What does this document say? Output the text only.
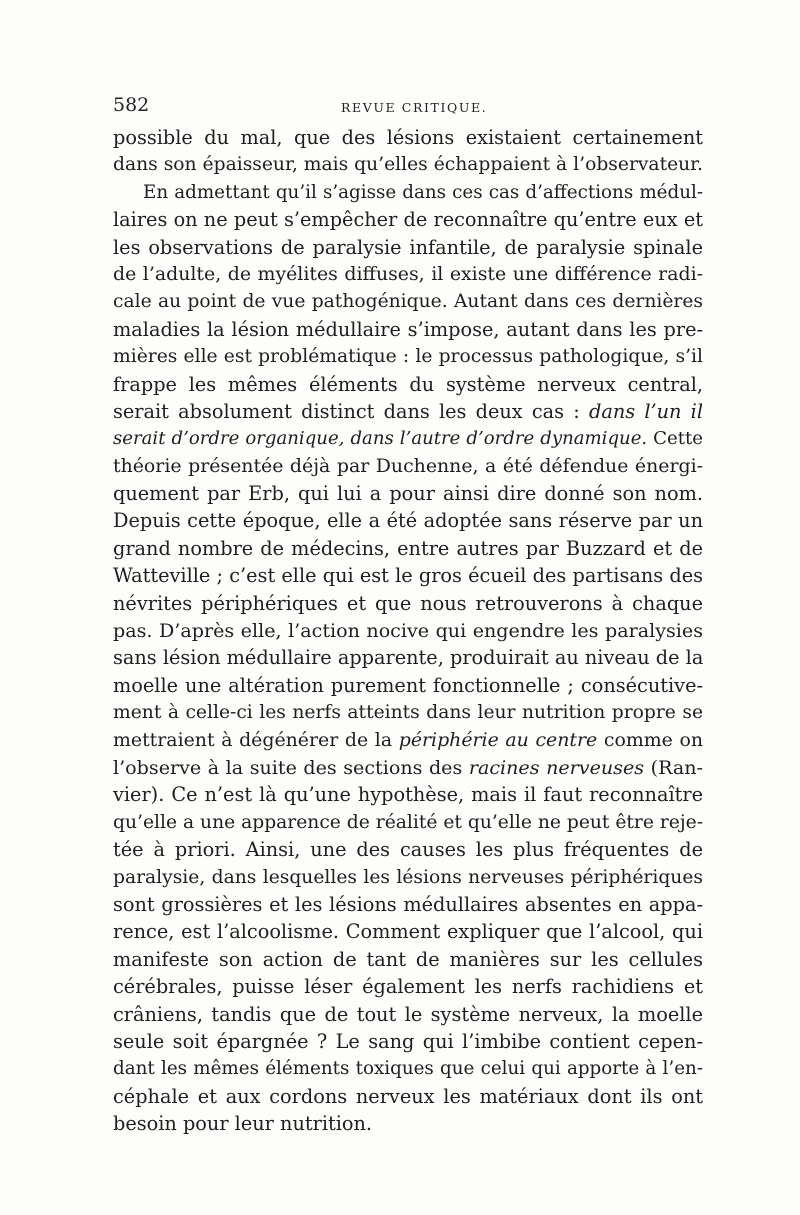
582	REVUE CRITIQUE.
possible du mal, que des lésions existaient certainement
dans son épaisseur, mais qu’elles échappaient à l’observateur.
En admettant qu’il s’agisse dans ces cas d’affections médul-
laires on ne peut s’empêcher de reconnaître qu’entre eux et
les observations de paralysie infantile, de paralysie spinale
de l’adulte, de myélites diffuses, il existe une différence radi-
cale au point de vue pathogénique. Autant dans ces dernières
maladies la lésion médullaire s’impose, autant dans les pre-
mières elle est problématique : le processus pathologique, s’il
frappe les mêmes éléments du système nerveux central,
serait absolument distinct dans les deux cas : dans l’un il
serait d’ordre organique, dans l’autre d’ordre dynamique. Cette
théorie présentée déjà par Duchenne, a été défendue énergi-
quement par Erb, qui lui a pour ainsi dire donné son nom.
Depuis cette époque, elle a été adoptée sans réserve par un
grand nombre de médecins, entre autres par Buzzard et de
Watteville ; c’est elle qui est le gros écueil des partisans des
névrites périphériques et que nous retrouverons à chaque
pas. D’après elle, l’action nocive qui engendre les paralysies
sans lésion médullaire apparente, produirait au niveau de la
moelle une altération purement fonctionnelle ; consécutive-
ment à celle-ci les nerfs atteints dans leur nutrition propre se
mettraient à dégénérer de la périphérie au centre comme on
l’observe à la suite des sections des racines nerveuses (Ran-
vier). Ce n’est là qu’une hypothèse, mais il faut reconnaître
qu’elle a une apparence de réalité et qu’elle ne peut être reje-
tée à priori. Ainsi, une des causes les plus fréquentes de
paralysie, dans lesquelles les lésions nerveuses périphériques
sont grossières et les lésions médullaires absentes en appa-
rence, est l’alcoolisme. Comment expliquer que l’alcool, qui
manifeste son action de tant de manières sur les cellules
cérébrales, puisse léser également les nerfs rachidiens et
crâniens, tandis que de tout le système nerveux, la moelle
seule soit épargnée ? Le sang qui l’imbibe contient cepen-
dant les mêmes éléments toxiques que celui qui apporte à l’en-
céphale et aux cordons nerveux les matériaux dont ils ont
besoin pour leur nutrition.
